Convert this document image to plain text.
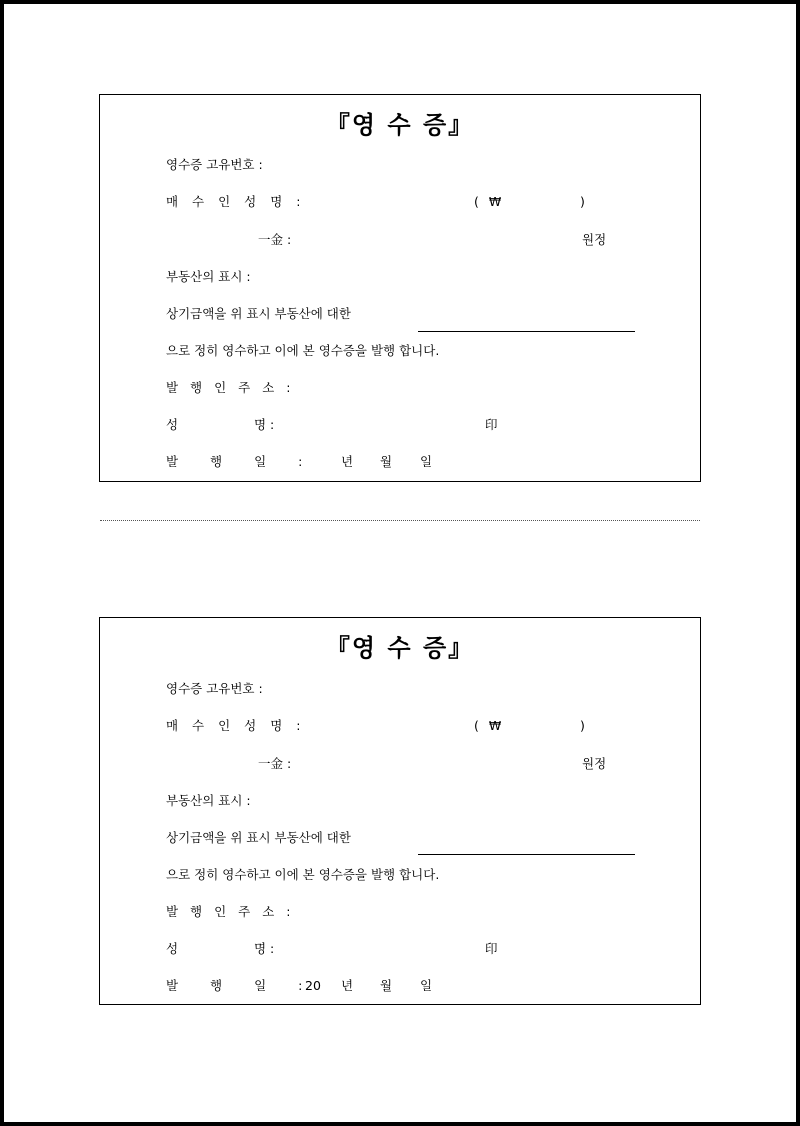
『영 수 증』
영수증 고유번호 :
매 수 인 성 명 :	( ₩	)
一金 :	원정
부동산의 표시 :
상기금액을 위 표시 부동산에 대한
으로 정히 영수하고 이에 본 영수증을 발행 합니다.
발 행 인 주 소 :
성	명 :	印
발 행 일 :	년 월 일
『영 수 증』
영수증 고유번호 :
매 수 인 성 명 :	( ₩	)
一金 :	원정
부동산의 표시 :
상기금액을 위 표시 부동산에 대한
으로 정히 영수하고 이에 본 영수증을 발행 합니다.
발 행 인 주 소 :
성	명 :	印
발 행 일 : 20 년 월 일
